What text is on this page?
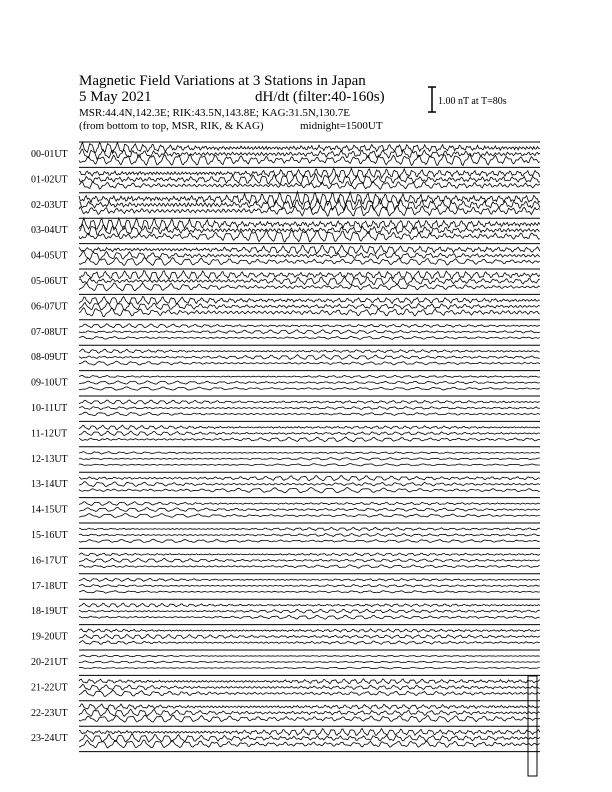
Magnetic Field Variations at 3 Stations in Japan
5 May 2021	dH/dt (filter:40-160s)
MSR:44.4N,142.3E; RIK:43.5N,143.8E; KAG:31.5N,130.7E
(from bottom to top, MSR, RIK, & KAG)	midnight=1500UT
1.00 nT at T=80s
00-01UT
01-02UT
02-03UT
03-04UT
04-05UT
05-06UT
06-07UT
07-08UT
08-09UT
09-10UT
10-11UT
11-12UT
12-13UT
13-14UT
14-15UT
15-16UT
16-17UT
17-18UT
18-19UT
19-20UT
20-21UT
21-22UT
22-23UT
23-24UT
